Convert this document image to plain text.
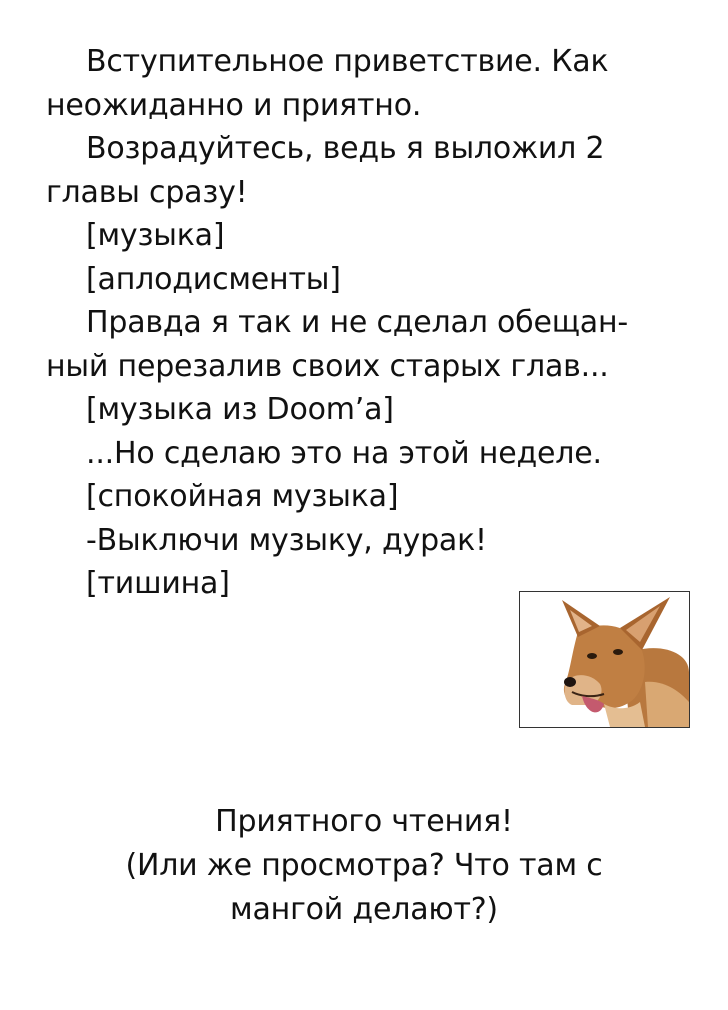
Вступительное приветствие. Как
неожиданно и приятно.
Возрадуйтесь, ведь я выложил 2
главы сразу!
[музыка]
[аплодисменты]
Правда я так и не сделал обещан-
ный перезалив своих старых глав...
[музыка из Doom’a]
...Но сделаю это на этой неделе.
[спокойная музыка]
-Выключи музыку, дурак!
[тишина]
Приятного чтения!
(Или же просмотра? Что там с
мангой делают?)
